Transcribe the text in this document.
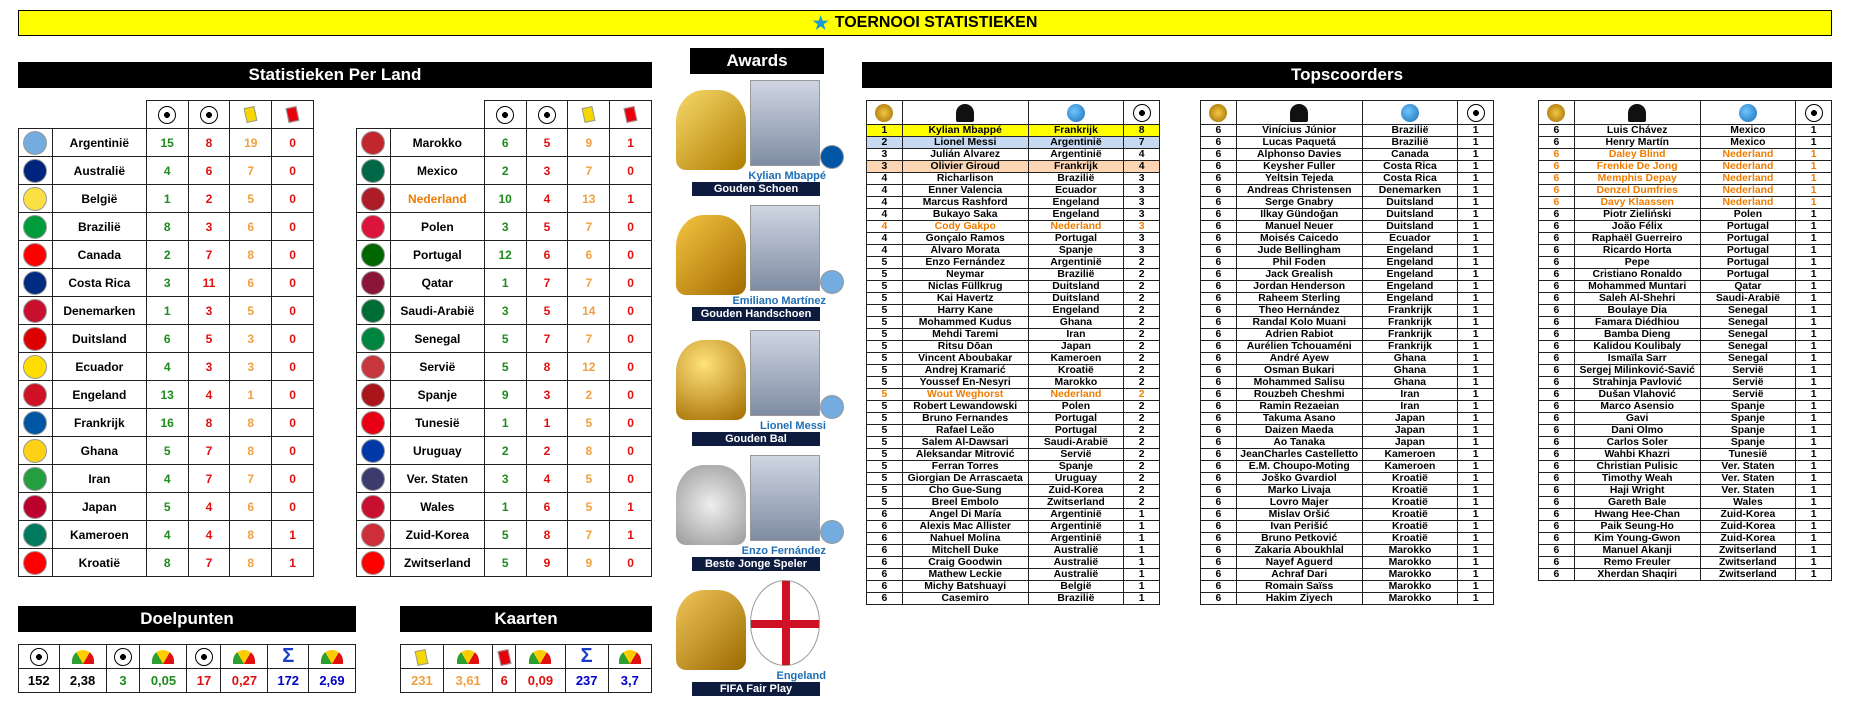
★ TOERNOOI STATISTIEKEN
Statistieken Per Land
Awards
Topscoorders
Doelpunten	Kaarten

	Argentinië	15	8	19	0
	Australië	4	6	7	0
	België	1	2	5	0
	Brazilië	8	3	6	0
	Canada	2	7	8	0
	Costa Rica	3	11	6	0
	Denemarken	1	3	5	0
	Duitsland	6	5	3	0
	Ecuador	4	3	3	0
	Engeland	13	4	1	0
	Frankrijk	16	8	8	0
	Ghana	5	7	8	0
	Iran	4	7	7	0
	Japan	5	4	6	0
	Kameroen	4	4	8	1
	Kroatië	8	7	8	1

	Marokko	6	5	9	1
	Mexico	2	3	7	0
	Nederland	10	4	13	1
	Polen	3	5	7	0
	Portugal	12	6	6	0
	Qatar	1	7	7	0
	Saudi-Arabië	3	5	14	0
	Senegal	5	7	7	0
	Servië	5	8	12	0
	Spanje	9	3	2	0
	Tunesië	1	1	5	0
	Uruguay	2	2	8	0
	Ver. Staten	3	4	5	0
	Wales	1	6	5	1
	Zuid-Korea	5	8	7	1
	Zwitserland	5	9	9	0
Kylian Mbappé
Gouden Schoen
Emiliano Martínez
Gouden Handschoen
Lionel Messi
Gouden Bal
Enzo Fernández
Beste Jonge Speler
Engeland
FIFA Fair Play

1	Kylian Mbappé	Frankrijk	8
2	Lionel Messi	Argentinië	7
3	Julián Álvarez	Argentinië	4
3	Olivier Giroud	Frankrijk	4
4	Richarlison	Brazilië	3
4	Enner Valencia	Ecuador	3
4	Marcus Rashford	Engeland	3
4	Bukayo Saka	Engeland	3
4	Cody Gakpo	Nederland	3
4	Gonçalo Ramos	Portugal	3
4	Álvaro Morata	Spanje	3
5	Enzo Fernández	Argentinië	2
5	Neymar	Brazilië	2
5	Niclas Füllkrug	Duitsland	2
5	Kai Havertz	Duitsland	2
5	Harry Kane	Engeland	2
5	Mohammed Kudus	Ghana	2
5	Mehdi Taremi	Iran	2
5	Ritsu Dōan	Japan	2
5	Vincent Aboubakar	Kameroen	2
5	Andrej Kramarić	Kroatië	2
5	Youssef En-Nesyri	Marokko	2
5	Wout Weghorst	Nederland	2
5	Robert Lewandowski	Polen	2
5	Bruno Fernandes	Portugal	2
5	Rafael Leão	Portugal	2
5	Salem Al-Dawsari	Saudi-Arabië	2
5	Aleksandar Mitrović	Servië	2
5	Ferran Torres	Spanje	2
5	Giorgian De Arrascaeta	Uruguay	2
5	Cho Gue-Sung	Zuid-Korea	2
5	Breel Embolo	Zwitserland	2
6	Ángel Di María	Argentinië	1
6	Alexis Mac Allister	Argentinië	1
6	Nahuel Molina	Argentinië	1
6	Mitchell Duke	Australië	1
6	Craig Goodwin	Australië	1
6	Mathew Leckie	Australië	1
6	Michy Batshuayi	België	1
6	Casemiro	Brazilië	1

6	Vinícius Júnior	Brazilië	1
6	Lucas Paquetá	Brazilië	1
6	Alphonso Davies	Canada	1
6	Keysher Fuller	Costa Rica	1
6	Yeltsin Tejeda	Costa Rica	1
6	Andreas Christensen	Denemarken	1
6	Serge Gnabry	Duitsland	1
6	Ilkay Gündoğan	Duitsland	1
6	Manuel Neuer	Duitsland	1
6	Moisés Caicedo	Ecuador	1
6	Jude Bellingham	Engeland	1
6	Phil Foden	Engeland	1
6	Jack Grealish	Engeland	1
6	Jordan Henderson	Engeland	1
6	Raheem Sterling	Engeland	1
6	Theo Hernández	Frankrijk	1
6	Randal Kolo Muani	Frankrijk	1
6	Adrien Rabiot	Frankrijk	1
6	Aurélien Tchouaméni	Frankrijk	1
6	André Ayew	Ghana	1
6	Osman Bukari	Ghana	1
6	Mohammed Salisu	Ghana	1
6	Rouzbeh Cheshmi	Iran	1
6	Ramin Rezaeian	Iran	1
6	Takuma Asano	Japan	1
6	Daizen Maeda	Japan	1
6	Ao Tanaka	Japan	1
6	JeanCharles Castelletto	Kameroen	1
6	E.M. Choupo-Moting	Kameroen	1
6	Joško Gvardiol	Kroatië	1
6	Marko Livaja	Kroatië	1
6	Lovro Majer	Kroatië	1
6	Mislav Oršić	Kroatië	1
6	Ivan Perišić	Kroatië	1
6	Bruno Petković	Kroatië	1
6	Zakaria Aboukhlal	Marokko	1
6	Nayef Aguerd	Marokko	1
6	Achraf Dari	Marokko	1
6	Romain Saïss	Marokko	1
6	Hakim Ziyech	Marokko	1

6	Luis Chávez	Mexico	1
6	Henry Martín	Mexico	1
6	Daley Blind	Nederland	1
6	Frenkie De Jong	Nederland	1
6	Memphis Depay	Nederland	1
6	Denzel Dumfries	Nederland	1
6	Davy Klaassen	Nederland	1
6	Piotr Zieliński	Polen	1
6	João Félix	Portugal	1
6	Raphaël Guerreiro	Portugal	1
6	Ricardo Horta	Portugal	1
6	Pepe	Portugal	1
6	Cristiano Ronaldo	Portugal	1
6	Mohammed Muntari	Qatar	1
6	Saleh Al-Shehri	Saudi-Arabië	1
6	Boulaye Dia	Senegal	1
6	Famara Diédhiou	Senegal	1
6	Bamba Dieng	Senegal	1
6	Kalidou Koulibaly	Senegal	1
6	Ismaïla Sarr	Senegal	1
6	Sergej Milinković-Savić	Servië	1
6	Strahinja Pavlović	Servië	1
6	Dušan Vlahović	Servië	1
6	Marco Asensio	Spanje	1
6	Gavi	Spanje	1
6	Dani Olmo	Spanje	1
6	Carlos Soler	Spanje	1
6	Wahbi Khazri	Tunesië	1
6	Christian Pulisic	Ver. Staten	1
6	Timothy Weah	Ver. Staten	1
6	Haji Wright	Ver. Staten	1
6	Gareth Bale	Wales	1
6	Hwang Hee-Chan	Zuid-Korea	1
6	Paik Seung-Ho	Zuid-Korea	1
6	Kim Young-Gwon	Zuid-Korea	1
6	Manuel Akanji	Zwitserland	1
6	Remo Freuler	Zwitserland	1
6	Xherdan Shaqiri	Zwitserland	1
						Σ	
152	2,38	3	0,05	17	0,27	172	2,69
				Σ	
231	3,61	6	0,09	237	3,7
